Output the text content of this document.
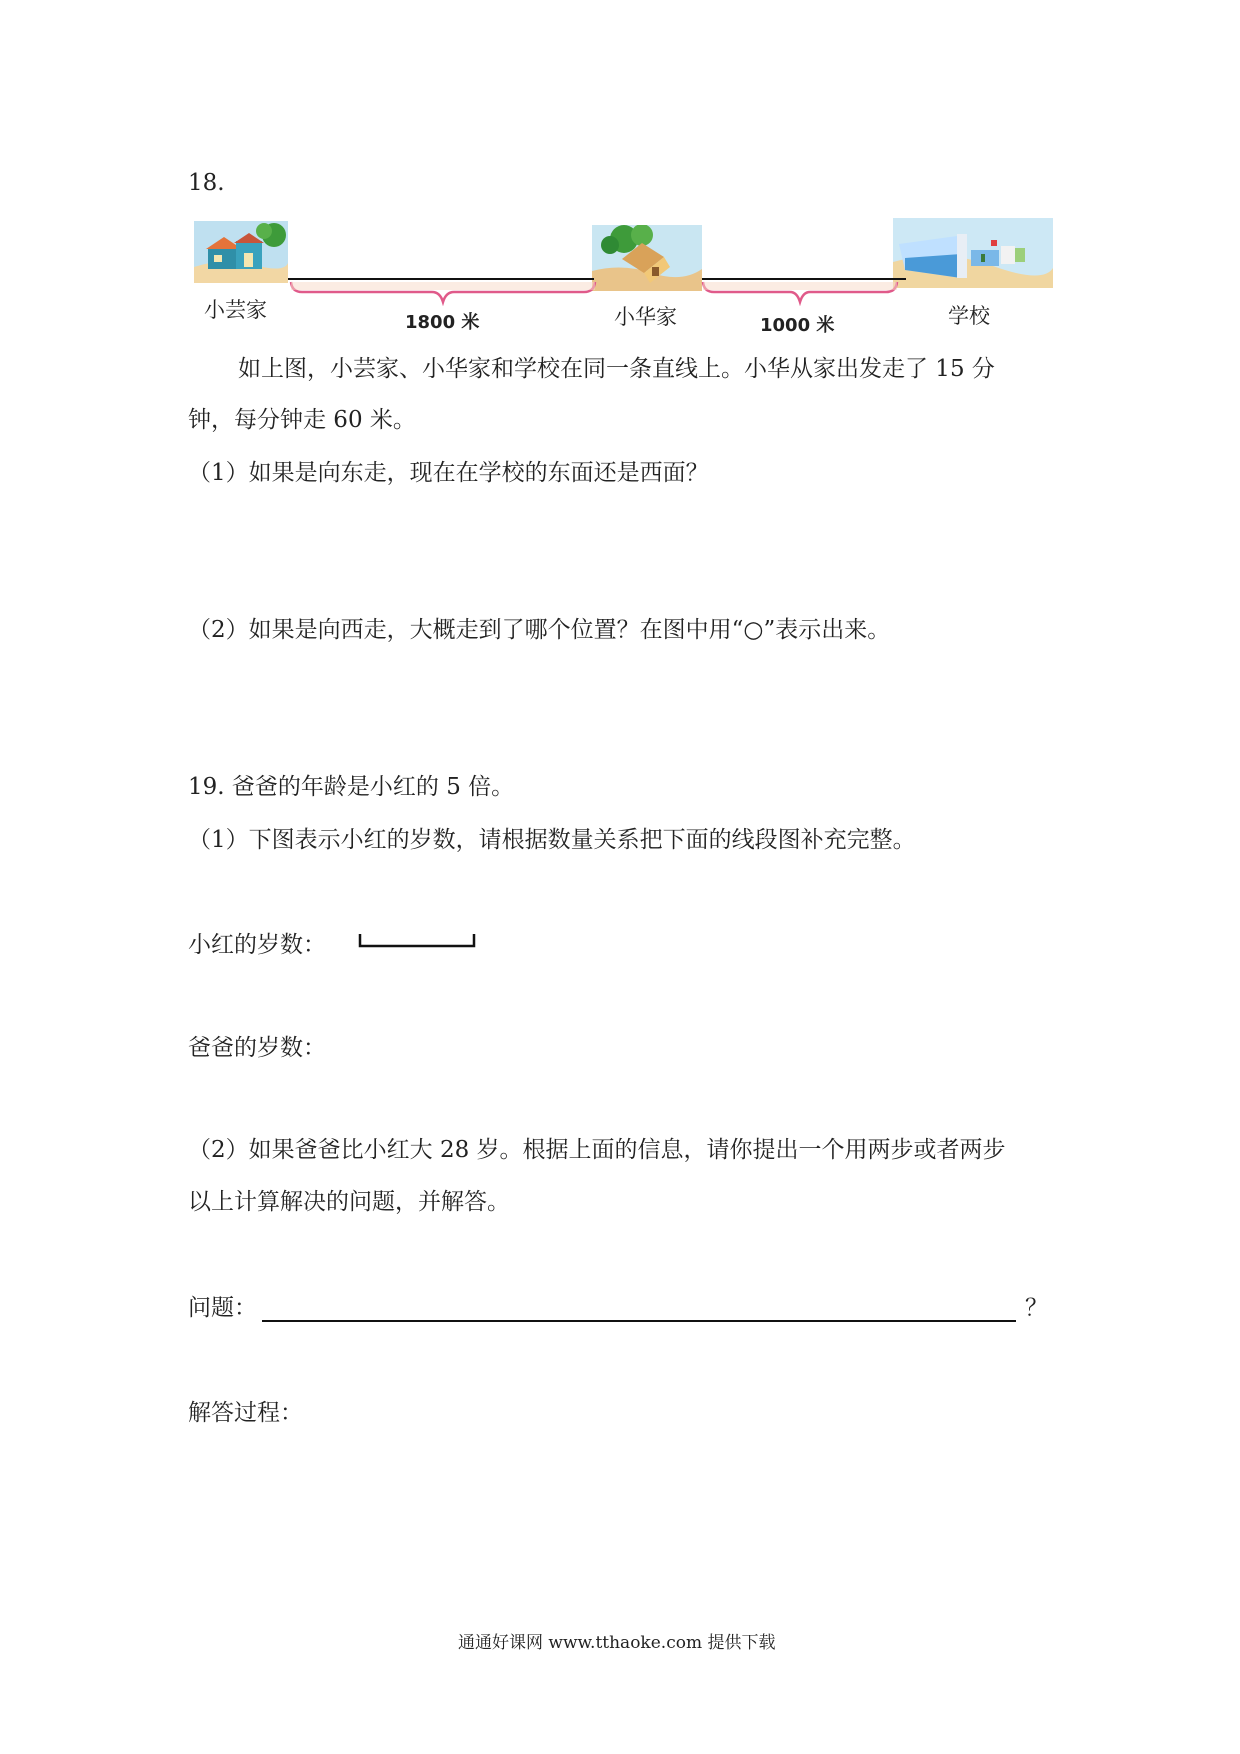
18.
小芸家	小华家	学校
1800 米	1000 米
如上图，小芸家、小华家和学校在同一条直线上。小华从家出发走了 15 分
钟，每分钟走 60 米。
（1）如果是向东走，现在在学校的东面还是西面？
（2）如果是向西走，大概走到了哪个位置？在图中用“○”表示出来。
19. 爸爸的年龄是小红的 5 倍。
（1）下图表示小红的岁数，请根据数量关系把下面的线段图补充完整。
小红的岁数：
爸爸的岁数：
（2）如果爸爸比小红大 28 岁。根据上面的信息，请你提出一个用两步或者两步
以上计算解决的问题，并解答。
问题：	？
解答过程：
通通好课网 www.tthaoke.com 提供下载
